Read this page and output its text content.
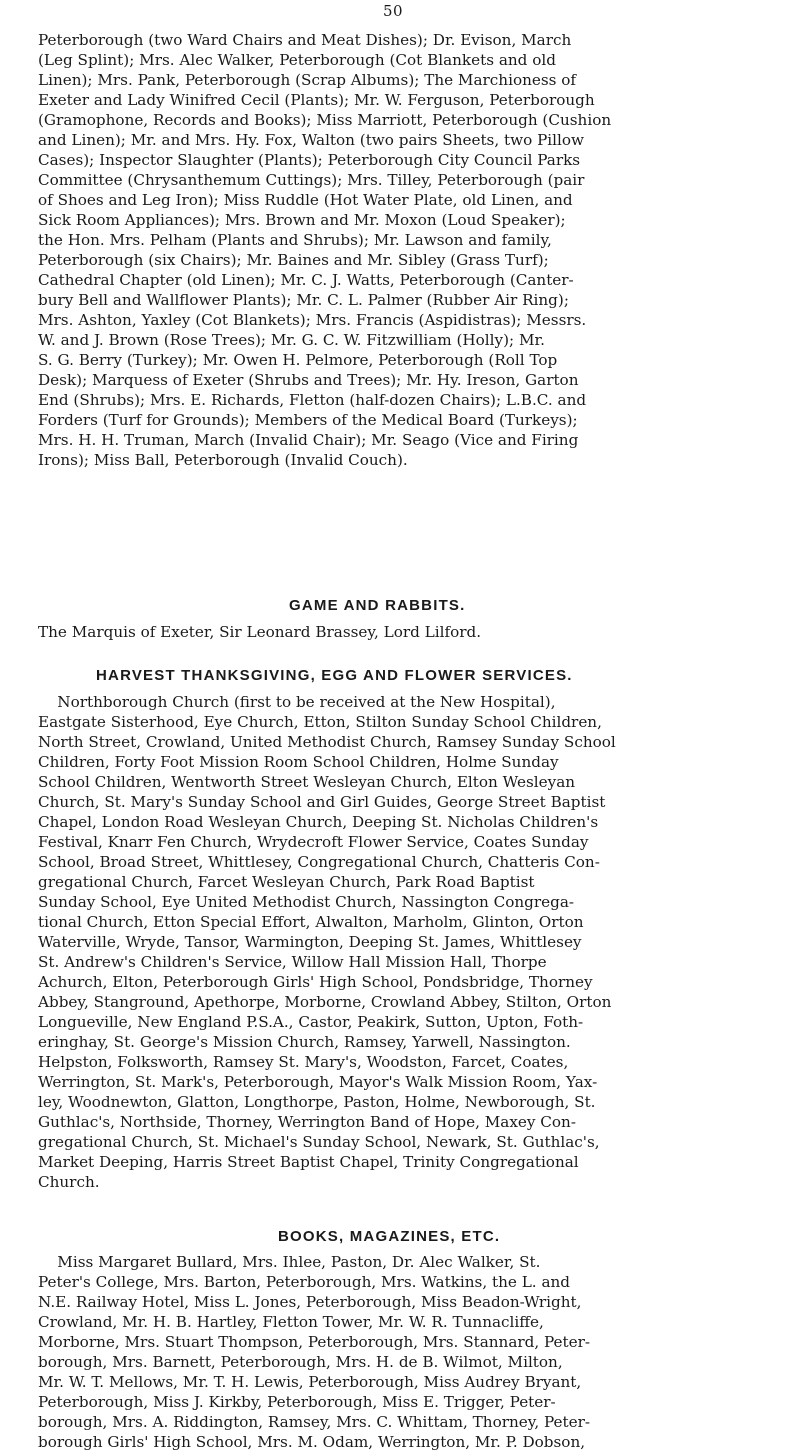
50
Peterborough (two Ward Chairs and Meat Dishes); Dr. Evison, March
(Leg Splint); Mrs. Alec Walker, Peterborough (Cot Blankets and old
Linen); Mrs. Pank, Peterborough (Scrap Albums); The Marchioness of
Exeter and Lady Winifred Cecil (Plants); Mr. W. Ferguson, Peterborough
(Gramophone, Records and Books); Miss Marriott, Peterborough (Cushion
and Linen); Mr. and Mrs. Hy. Fox, Walton (two pairs Sheets, two Pillow
Cases); Inspector Slaughter (Plants); Peterborough City Council Parks
Committee (Chrysanthemum Cuttings); Mrs. Tilley, Peterborough (pair
of Shoes and Leg Iron); Miss Ruddle (Hot Water Plate, old Linen, and
Sick Room Appliances); Mrs. Brown and Mr. Moxon (Loud Speaker);
the Hon. Mrs. Pelham (Plants and Shrubs); Mr. Lawson and family,
Peterborough (six Chairs); Mr. Baines and Mr. Sibley (Grass Turf);
Cathedral Chapter (old Linen); Mr. C. J. Watts, Peterborough (Canter-
bury Bell and Wallflower Plants); Mr. C. L. Palmer (Rubber Air Ring);
Mrs. Ashton, Yaxley (Cot Blankets); Mrs. Francis (Aspidistras); Messrs.
W. and J. Brown (Rose Trees); Mr. G. C. W. Fitzwilliam (Holly); Mr.
S. G. Berry (Turkey); Mr. Owen H. Pelmore, Peterborough (Roll Top
Desk); Marquess of Exeter (Shrubs and Trees); Mr. Hy. Ireson, Garton
End (Shrubs); Mrs. E. Richards, Fletton (half-dozen Chairs); L.B.C. and
Forders (Turf for Grounds); Members of the Medical Board (Turkeys);
Mrs. H. H. Truman, March (Invalid Chair); Mr. Seago (Vice and Firing
Irons); Miss Ball, Peterborough (Invalid Couch).
GAME AND RABBITS.
The Marquis of Exeter, Sir Leonard Brassey, Lord Lilford.
HARVEST THANKSGIVING, EGG AND FLOWER SERVICES.
Northborough Church (first to be received at the New Hospital),
Eastgate Sisterhood, Eye Church, Etton, Stilton Sunday School Children,
North Street, Crowland, United Methodist Church, Ramsey Sunday School
Children, Forty Foot Mission Room School Children, Holme Sunday
School Children, Wentworth Street Wesleyan Church, Elton Wesleyan
Church, St. Mary's Sunday School and Girl Guides, George Street Baptist
Chapel, London Road Wesleyan Church, Deeping St. Nicholas Children's
Festival, Knarr Fen Church, Wrydecroft Flower Service, Coates Sunday
School, Broad Street, Whittlesey, Congregational Church, Chatteris Con-
gregational Church, Farcet Wesleyan Church, Park Road Baptist
Sunday School, Eye United Methodist Church, Nassington Congrega-
tional Church, Etton Special Effort, Alwalton, Marholm, Glinton, Orton
Waterville, Wryde, Tansor, Warmington, Deeping St. James, Whittlesey
St. Andrew's Children's Service, Willow Hall Mission Hall, Thorpe
Achurch, Elton, Peterborough Girls' High School, Pondsbridge, Thorney
Abbey, Stanground, Apethorpe, Morborne, Crowland Abbey, Stilton, Orton
Longueville, New England P.S.A., Castor, Peakirk, Sutton, Upton, Foth-
eringhay, St. George's Mission Church, Ramsey, Yarwell, Nassington.
Helpston, Folksworth, Ramsey St. Mary's, Woodston, Farcet, Coates,
Werrington, St. Mark's, Peterborough, Mayor's Walk Mission Room, Yax-
ley, Woodnewton, Glatton, Longthorpe, Paston, Holme, Newborough, St.
Guthlac's, Northside, Thorney, Werrington Band of Hope, Maxey Con-
gregational Church, St. Michael's Sunday School, Newark, St. Guthlac's,
Market Deeping, Harris Street Baptist Chapel, Trinity Congregational
Church.
BOOKS, MAGAZINES, ETC.
Miss Margaret Bullard, Mrs. Ihlee, Paston, Dr. Alec Walker, St.
Peter's College, Mrs. Barton, Peterborough, Mrs. Watkins, the L. and
N.E. Railway Hotel, Miss L. Jones, Peterborough, Miss Beadon-Wright,
Crowland, Mr. H. B. Hartley, Fletton Tower, Mr. W. R. Tunnacliffe,
Morborne, Mrs. Stuart Thompson, Peterborough, Mrs. Stannard, Peter-
borough, Mrs. Barnett, Peterborough, Mrs. H. de B. Wilmot, Milton,
Mr. W. T. Mellows, Mr. T. H. Lewis, Peterborough, Miss Audrey Bryant,
Peterborough, Miss J. Kirkby, Peterborough, Miss E. Trigger, Peter-
borough, Mrs. A. Riddington, Ramsey, Mrs. C. Whittam, Thorney, Peter-
borough Girls' High School, Mrs. M. Odam, Werrington, Mr. P. Dobson,
